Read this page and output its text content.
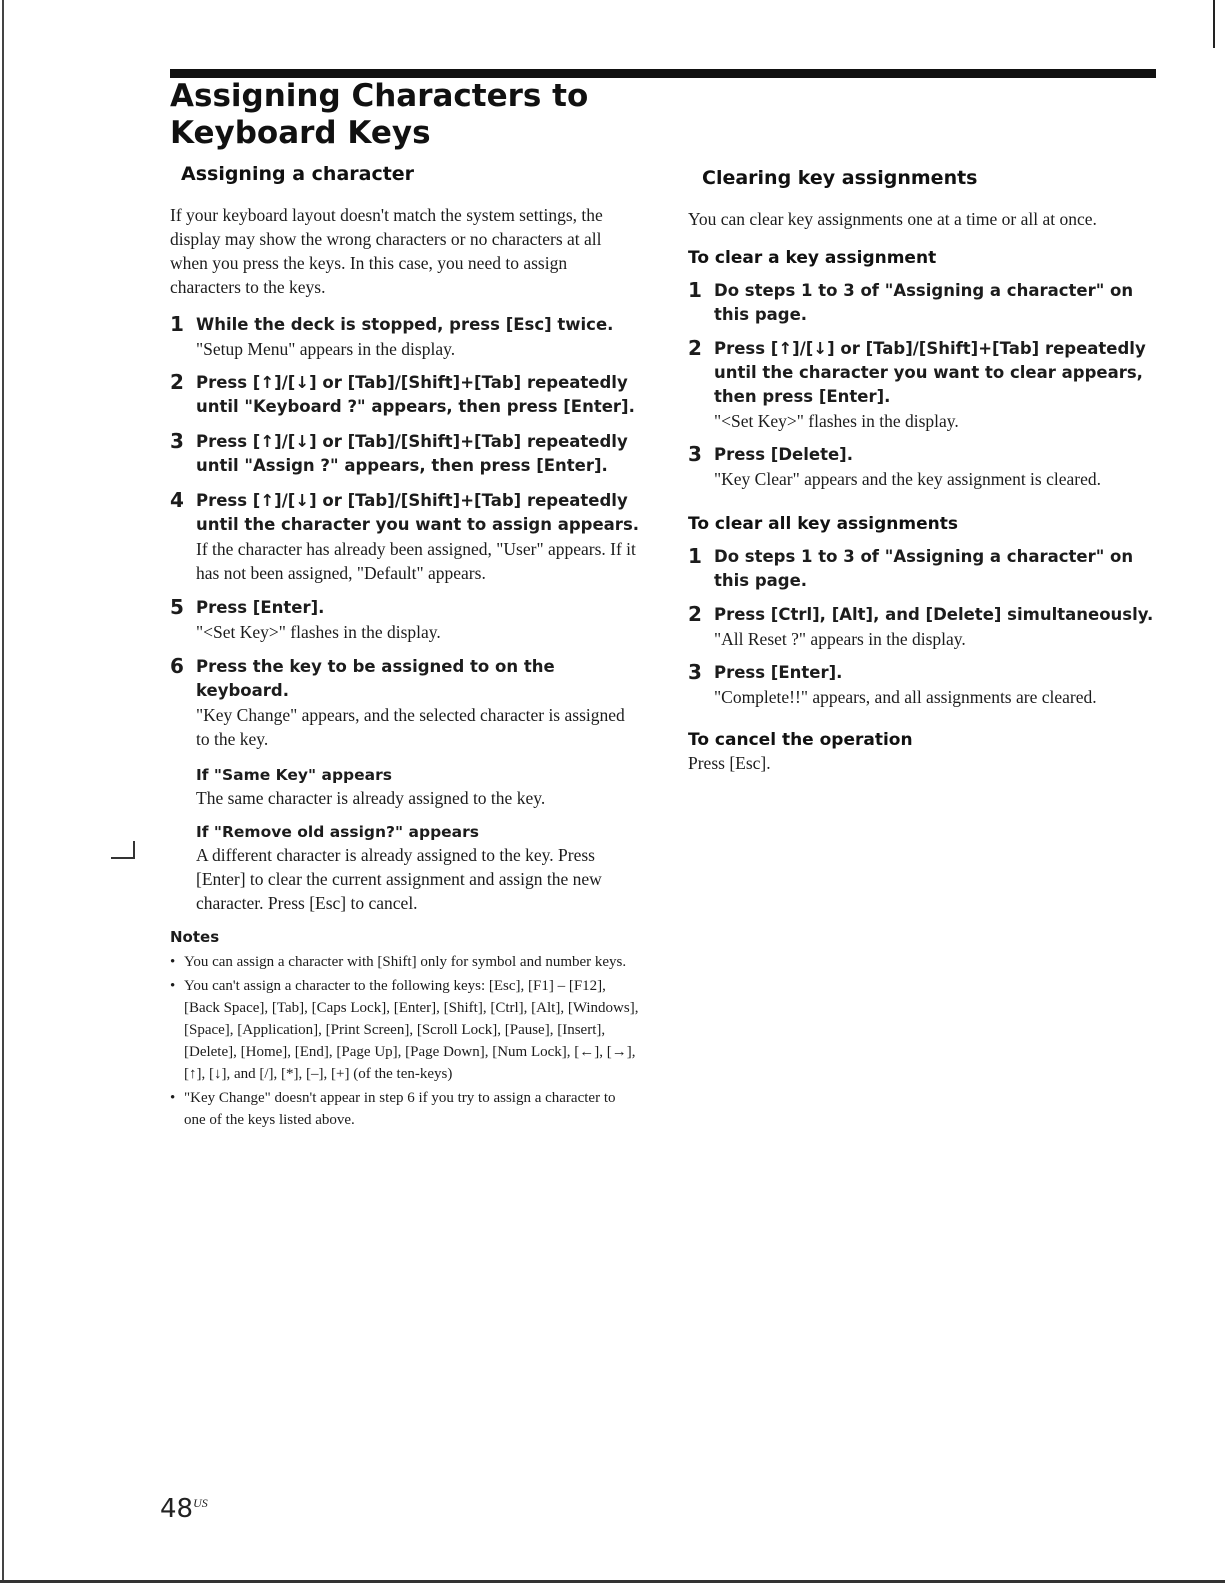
Assigning Characters to
Keyboard Keys
Assigning a character

If your keyboard layout doesn't match the system settings, the display may show the wrong characters or no characters at all when you press the keys. In this case, you need to assign characters to the keys.

1 While the deck is stopped, press [Esc] twice.

"Setup Menu" appears in the display.

2 Press [↑]/[↓] or [Tab]/[Shift]+[Tab] repeatedly until "Keyboard ?" appears, then press [Enter].

3 Press [↑]/[↓] or [Tab]/[Shift]+[Tab] repeatedly until "Assign ?" appears, then press [Enter].

4 Press [↑]/[↓] or [Tab]/[Shift]+[Tab] repeatedly until the character you want to assign appears.

If the character has already been assigned, "User" appears. If it has not been assigned, "Default" appears.

5 Press [Enter].

"<Set Key>" flashes in the display.

6 Press the key to be assigned to on the keyboard.

"Key Change" appears, and the selected character is assigned to the key.

If "Same Key" appears

The same character is already assigned to the key.

If "Remove old assign?" appears

A different character is already assigned to the key. Press [Enter] to clear the current assignment and assign the new character. Press [Esc] to cancel.

Notes

• You can assign a character with [Shift] only for symbol and number keys.
• You can't assign a character to the following keys: [Esc], [F1] – [F12], [Back Space], [Tab], [Caps Lock], [Enter], [Shift], [Ctrl], [Alt], [Windows], [Space], [Application], [Print Screen], [Scroll Lock], [Pause], [Insert], [Delete], [Home], [End], [Page Up], [Page Down], [Num Lock], [←], [→], [↑], [↓], and [/], [*], [–], [+] (of the ten-keys)
• "Key Change" doesn't appear in step 6 if you try to assign a character to one of the keys listed above.
Clearing key assignments

You can clear key assignments one at a time or all at once.

To clear a key assignment
1 Do steps 1 to 3 of "Assigning a character" on this page.

2 Press [↑]/[↓] or [Tab]/[Shift]+[Tab] repeatedly until the character you want to clear appears, then press [Enter].

"<Set Key>" flashes in the display.

3 Press [Delete].

"Key Clear" appears and the key assignment is cleared.

To clear all key assignments
1 Do steps 1 to 3 of "Assigning a character" on this page.

2 Press [Ctrl], [Alt], and [Delete] simultaneously.

"All Reset ?" appears in the display.

3 Press [Enter].

"Complete!!" appears, and all assignments are cleared.

To cancel the operation

Press [Esc].

$48^{US}$
